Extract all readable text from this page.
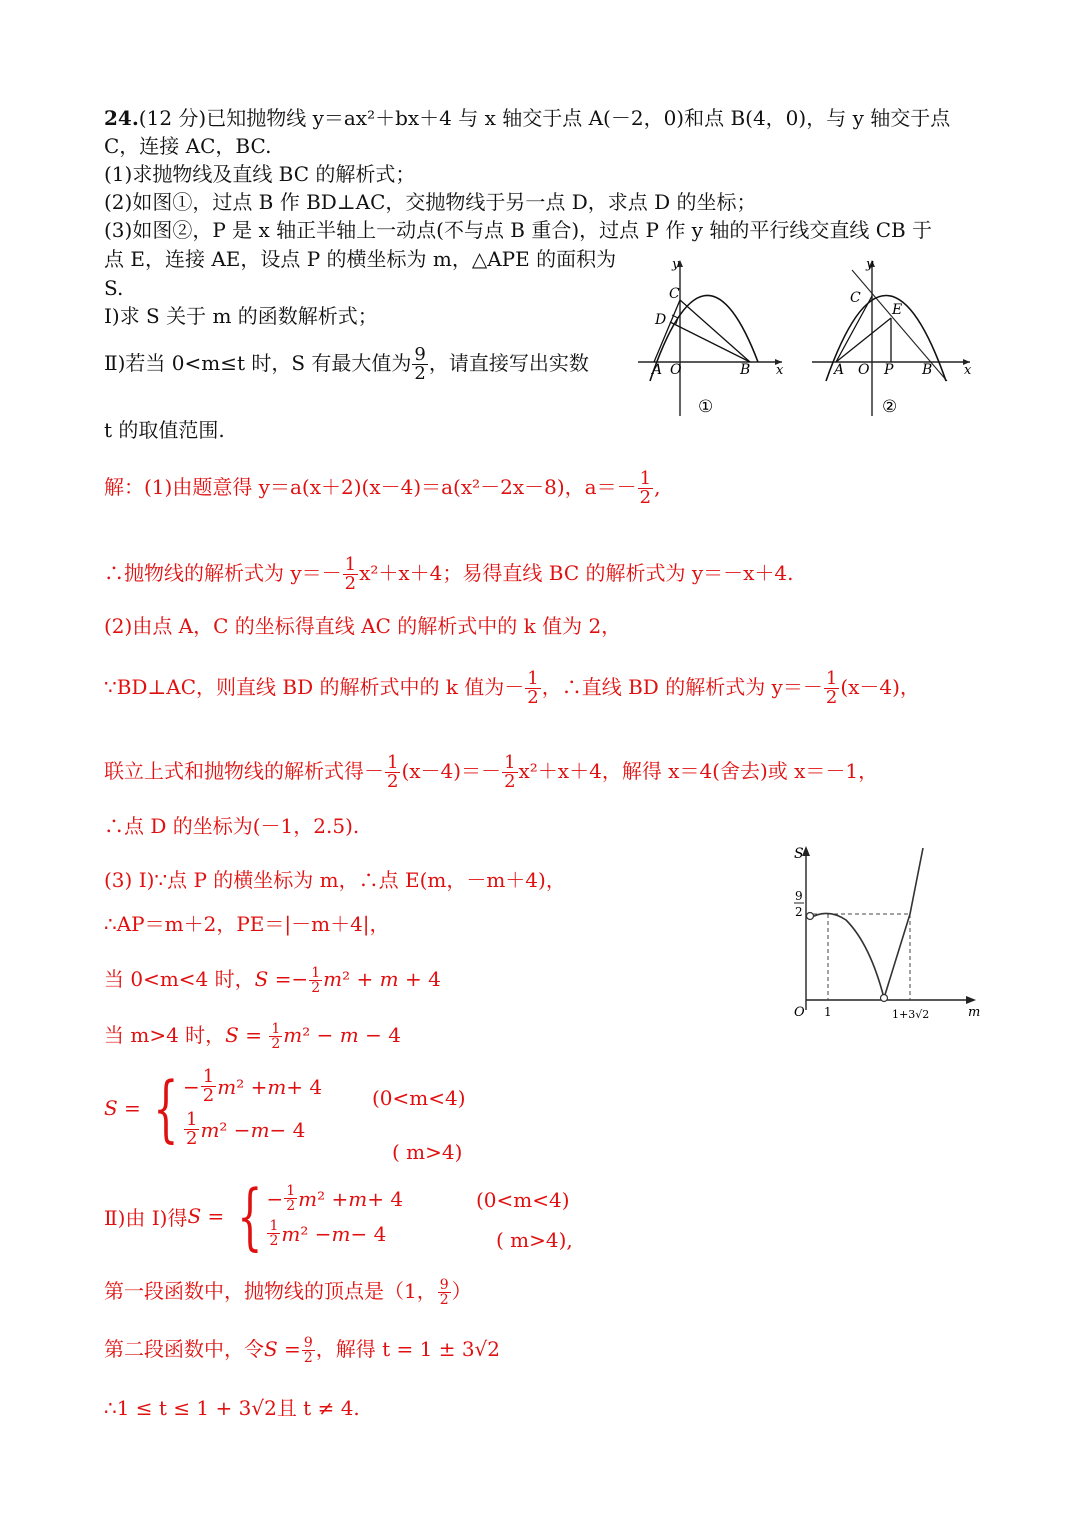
24.(12 分)已知抛物线 y＝ax²＋bx＋4 与 x 轴交于点 A(－2，0)和点 B(4，0)，与 y 轴交于点
C，连接 AC，BC.
(1)求抛物线及直线 BC 的解析式；
(2)如图①，过点 B 作 BD⊥AC，交抛物线于另一点 D，求点 D 的坐标；
(3)如图②，P 是 x 轴正半轴上一动点(不与点 B 重合)，过点 P 作 y 轴的平行线交直线 CB 于
点 E，连接 AE，设点 P 的横坐标为 m，△APE 的面积为
S.
Ⅰ)求 S 关于 m 的函数解析式；
Ⅱ)若当 0<m≤t 时，S 有最大值为 $\frac{9}{2}$ ，请直接写出实数
t 的取值范围.
y
x
C
D
A O	B
①
y
x
C
E
A O P B
②
解：(1)由题意得 y＝a(x＋2)(x－4)＝a(x²－2x－8)，$a=- \frac{1}{2}$ ,
∴抛物线的解析式为 $y=- \frac{1}{2} x^2+x+4$；易得直线 BC 的解析式为 y＝－x＋4.
(2)由点 A，C 的坐标得直线 AC 的解析式中的 k 值为 2，
∵BD⊥AC，则直线 BD 的解析式中的 k 值为－ $\frac{1}{2}$ ，∴直线 BD 的解析式为 $y=- \frac{1}{2} (x-4)$，
联立上式和抛物线的解析式得－ $\frac{1}{2} (x-4)=- \frac{1}{2} x^2+x+4$，解得 x＝4(舍去)或 x＝－1，
∴点 D 的坐标为(－1，2.5).
(3) Ⅰ)∵点 P 的横坐标为 m，∴点 E(m，－m＋4)，
∴AP＝m＋2，PE＝|－m＋4|，
当 0<m<4 时，$S =- \frac{1}{2} m^2 + m + 4$
当 m>4 时，$S = \frac{1}{2} m^2 - m - 4$
S = { − $\frac{1}{2}$ m ² + m + 4
$\frac{1}{2}$ m ² − m − 4
(0<m<4)
( m>4)
Ⅱ)由 Ⅰ)得 S = { − $\frac{1}{2}$ m ² + m + 4
$\frac{1}{2}$ m ² − m − 4
(0<m<4)
( m>4),
第一段函数中，抛物线的顶点是（1， $\frac{9}{2}$ ）
第二段函数中，令$S = \frac{9}{2}$ ，解得 t = 1 ± 3√2
∴1 ≤ t ≤ 1 + 3√2且 t ≠ 4.
S
m
O 1	1+3√2
9
2
